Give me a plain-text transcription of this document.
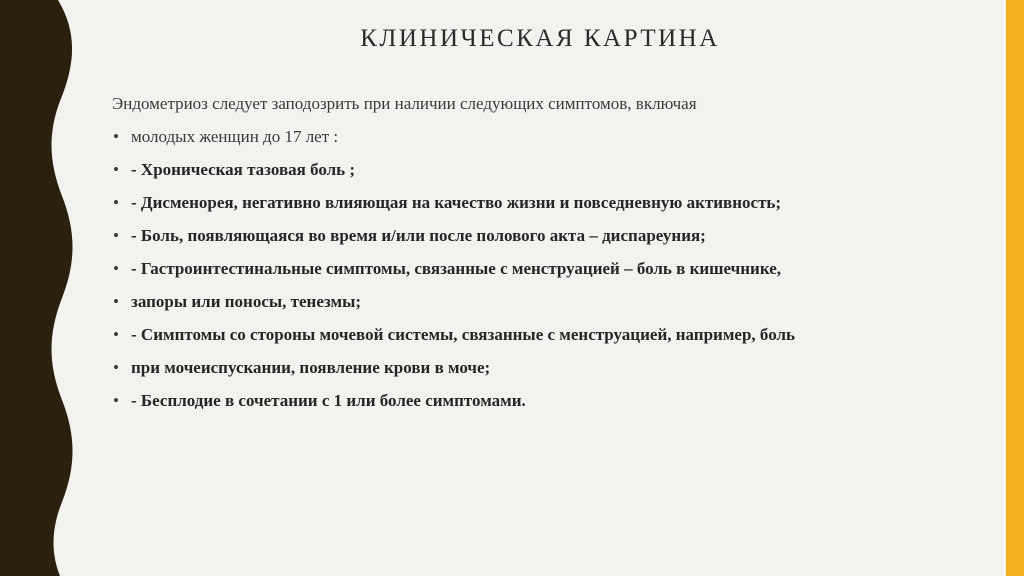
КЛИНИЧЕСКАЯ КАРТИНА

Эндометриоз следует заподозрить при наличии следующих симптомов, включая

• молодых женщин до 17 лет :
• - Хроническая тазовая боль ;
• - Дисменорея, негативно влияющая на качество жизни и повседневную активность;
• - Боль, появляющаяся во время и/или после полового акта – диспареуния;
• - Гастроинтестинальные симптомы, связанные с менструацией – боль в кишечнике,
• запоры или поносы, тенезмы;
• - Симптомы со стороны мочевой системы, связанные с менструацией, например, боль
• при мочеиспускании, появление крови в моче;
• - Бесплодие в сочетании с 1 или более симптомами.
